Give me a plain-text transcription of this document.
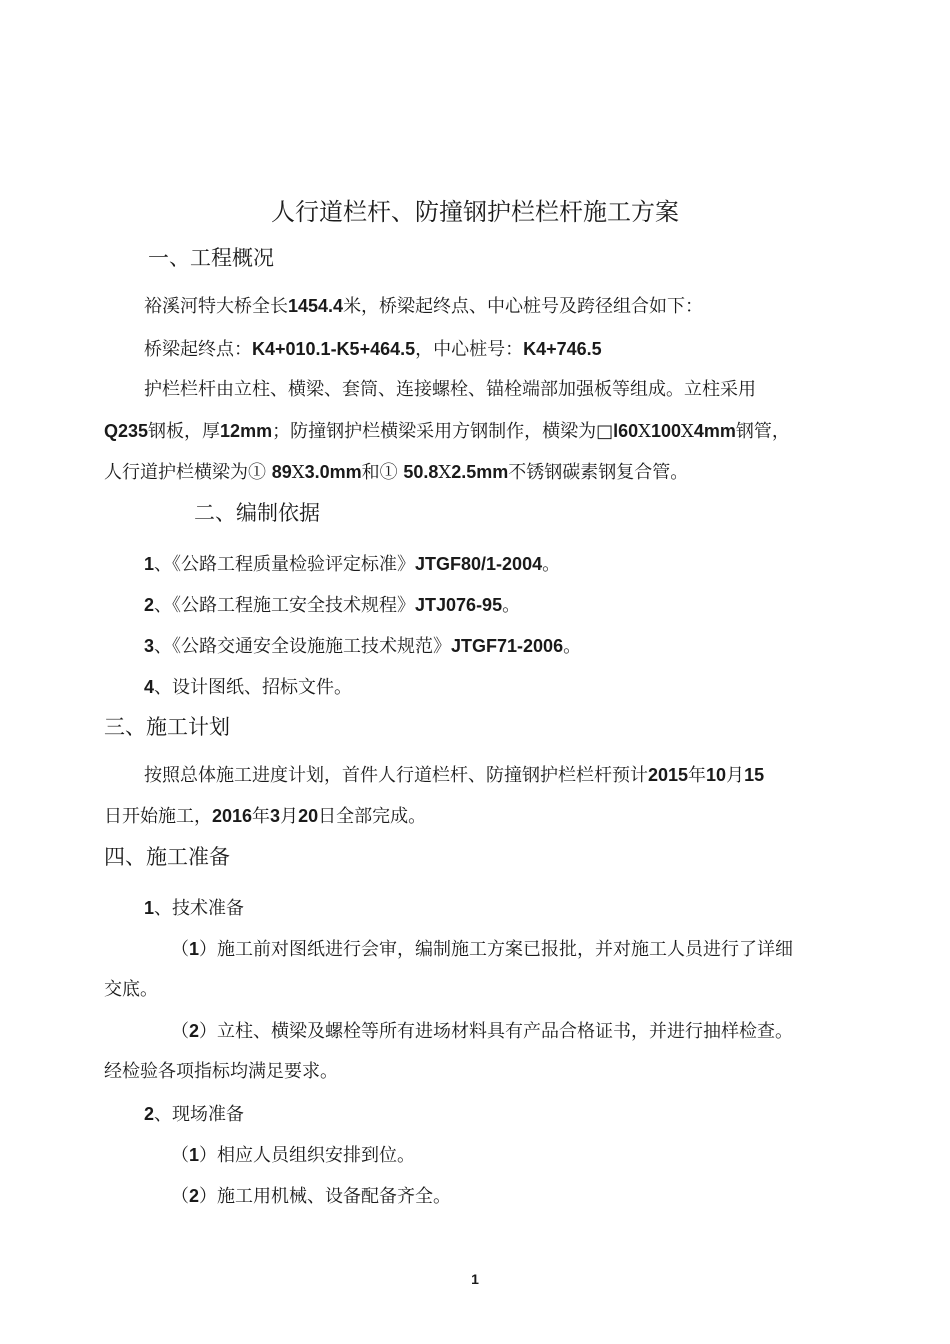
人行道栏杆、防撞钢护栏栏杆施工方案
一、工程概况
裕溪河特大桥全长1454.4米，桥梁起终点、中心桩号及跨径组合如下：
桥梁起终点：K4+010.1-K5+464.5，中心桩号：K4+746.5
护栏栏杆由立柱、横梁、套筒、连接螺栓、锚栓端部加强板等组成。立柱采用
Q235钢板，厚12mm；防撞钢护栏横梁采用方钢制作，横梁为□l60X100X4mm钢管，
人行道护栏横梁为① 89X3.0mm和① 50.8X2.5mm不锈钢碳素钢复合管。
二、编制依据
1、《公路工程质量检验评定标准》JTGF80/1-2004。
2、《公路工程施工安全技术规程》JTJ076-95。
3、《公路交通安全设施施工技术规范》JTGF71-2006。
4、设计图纸、招标文件。
三、施工计划
按照总体施工进度计划，首件人行道栏杆、防撞钢护栏栏杆预计2015年10月15
日开始施工，2016年3月20日全部完成。
四、施工准备
1、技术准备
（1）施工前对图纸进行会审，编制施工方案已报批，并对施工人员进行了详细
交底。
（2）立柱、横梁及螺栓等所有进场材料具有产品合格证书，并进行抽样检查。
经检验各项指标均满足要求。
2、现场准备
（1）相应人员组织安排到位。
（2）施工用机械、设备配备齐全。
1
